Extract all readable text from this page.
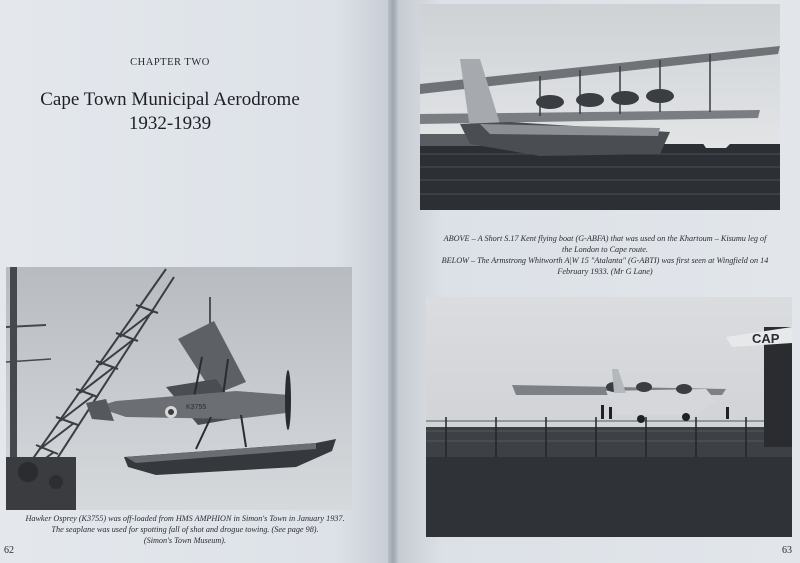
CHAPTER TWO
Cape Town Municipal Aerodrome
1932-1939
K3755
Hawker Osprey (K3755) was off-loaded from HMS AMPHION in Simon's Town in January 1937.
The seaplane was used for spotting fall of shot and drogue towing. (See page 98).
(Simon's Town Museum).
62
ABOVE – A Short S.17 Kent flying boat (G-ABFA) that was used on the Khartoum – Kisumu leg of
the London to Cape route.
BELOW – The Armstrong Whitworth A|W 15 "Atalanta" (G-ABTI) was first seen at Wingfield on 14
February 1933. (Mr G Lane)
CAP
63
